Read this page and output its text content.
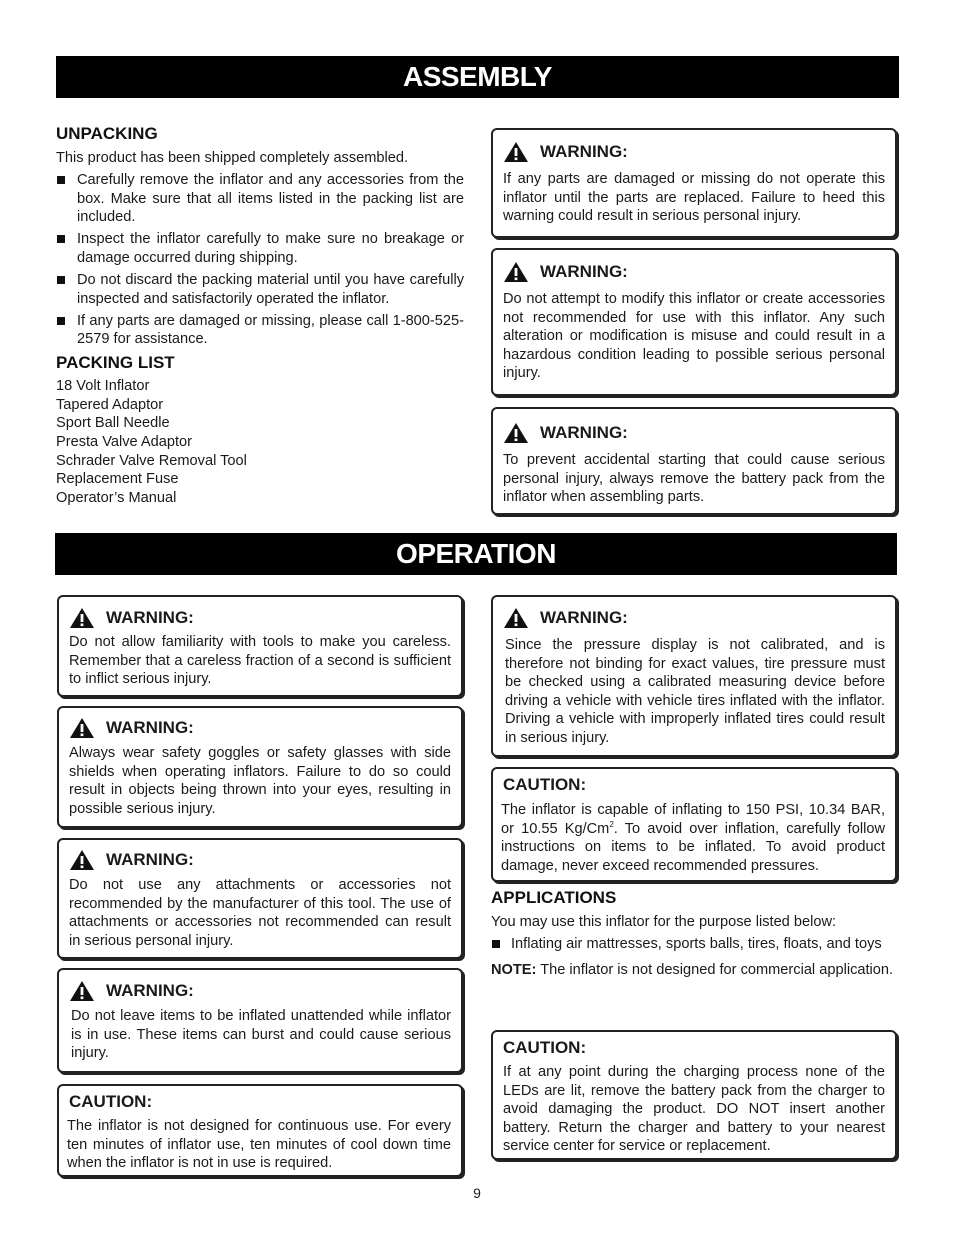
ASSEMBLY
UNPACKING

This product has been shipped completely assembled.

Carefully remove the inflator and any accessories from the box. Make sure that all items listed in the packing list are included.
Inspect the inflator carefully to make sure no breakage or damage occurred during shipping.
Do not discard the packing material until you have carefully inspected and satisfactorily operated the inflator.
If any parts are damaged or missing, please call 1-800-525-2579 for assistance.
PACKING LIST
18 Volt Inflator
Tapered Adaptor
Sport Ball Needle
Presta Valve Adaptor
Schrader Valve Removal Tool
Replacement Fuse
Operator’s Manual
WARNING:
If any parts are damaged or missing do not operate this inflator until the parts are replaced. Failure to heed this warning could result in serious personal injury.
WARNING:
Do not attempt to modify this inflator or create accessories not recommended for use with this inflator. Any such alteration or modification is misuse and could result in a hazardous condition leading to possible serious personal injury.
WARNING:
To prevent accidental starting that could cause serious personal injury, always remove the battery pack from the inflator when assembling parts.
OPERATION
WARNING:
Do not allow familiarity with tools to make you careless. Remember that a careless fraction of a second is sufficient to inflict serious injury.
WARNING:
Always wear safety goggles or safety glasses with side shields when operating inflators. Failure to do so could result in objects being thrown into your eyes, resulting in possible serious injury.
WARNING:
Do not use any attachments or accessories not recommended by the manufacturer of this tool. The use of attachments or accessories not recommended can result in serious personal injury.
WARNING:
Do not leave items to be inflated unattended while inflator is in use. These items can burst and could cause serious injury.
CAUTION:
The inflator is not designed for continuous use. For every ten minutes of inflator use, ten minutes of cool down time when the inflator is not in use is required.
WARNING:
Since the pressure display is not calibrated, and is therefore not binding for exact values, tire pressure must be checked using a calibrated measuring device before driving a vehicle with vehicle tires inflated with the inflator. Driving a vehicle with improperly inflated tires could result in serious injury.
CAUTION:
The inflator is capable of inflating to 150 PSI, 10.34 BAR, or 10.55 Kg/Cm$^2$. To avoid over inflation, carefully follow instructions on items to be inflated. To avoid product damage, never exceed recommended pressures.
APPLICATIONS

You may use this inflator for the purpose listed below:

Inflating air mattresses, sports balls, tires, floats, and toys

NOTE: The inflator is not designed for commercial application.

CAUTION:
If at any point during the charging process none of the LEDs are lit, remove the battery pack from the charger to avoid damaging the product. DO NOT insert another battery. Return the charger and battery to your nearest service center for service or replacement.
9
